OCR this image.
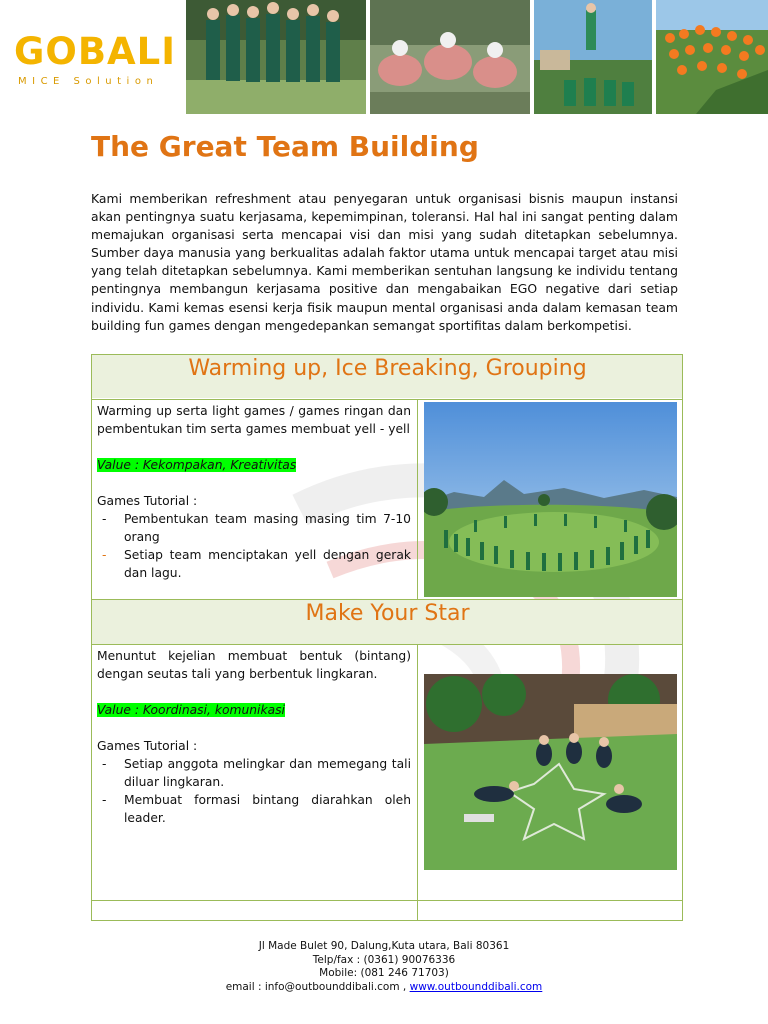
GOBALI
MICE Solution
The Great Team Building

Kami memberikan refreshment atau penyegaran untuk organisasi bisnis maupun instansi akan pentingnya suatu kerjasama, kepemimpinan, toleransi. Hal hal ini sangat penting dalam memajukan organisasi serta mencapai visi dan misi yang sudah ditetapkan sebelumnya. Sumber daya manusia yang berkualitas adalah faktor utama untuk mencapai target atau misi yang telah ditetapkan sebelumnya. Kami memberikan sentuhan langsung ke individu tentang pentingnya membangun kerjasama positive dan mengabaikan EGO negative dari setiap individu. Kami kemas esensi kerja fisik maupun mental organisasi anda dalam kemasan team building fun games dengan mengedepankan semangat sportifitas dalam berkompetisi.

Warming up, Ice Breaking, Grouping

Warming up serta light games / games ringan dan pembentukan tim serta games membuat yell - yell

Value : Kekompakan, Kreativitas

Games Tutorial :

- Pembentukan team masing masing tim 7-10 orang
- Setiap team menciptakan yell dengan gerak dan lagu.
Make Your Star

Menuntut kejelian membuat bentuk (bintang) dengan seutas tali yang berbentuk lingkaran.

Value : Koordinasi, komunikasi

Games Tutorial :

- Setiap anggota melingkar dan memegang tali diluar lingkaran.
- Membuat formasi bintang diarahkan oleh leader.
Jl Made Bulet 90, Dalung,Kuta utara, Bali 80361
Telp/fax : (0361) 90076336
Mobile: (081 246 71703)
email : info@outbounddibali.com , www.outbounddibali.com
